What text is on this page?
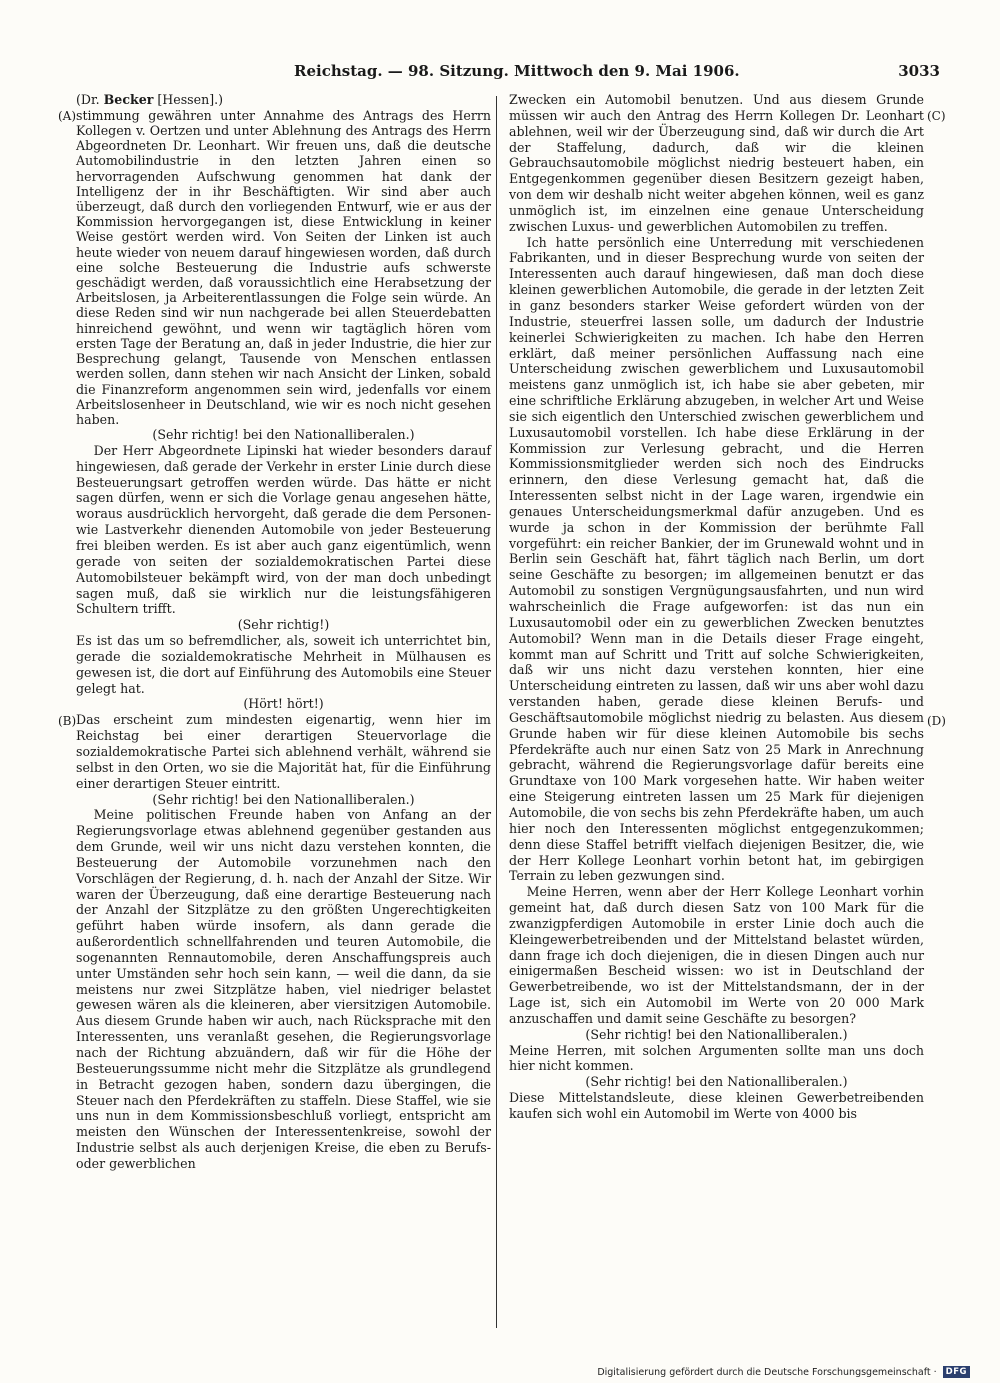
Reichstag. — 98. Sitzung. Mittwoch den 9. Mai 1906.	3033
(A)
(B)
(C)
(D)

(Dr. Becker [Hessen].)

stimmung gewähren unter Annahme des Antrags des Herrn Kollegen v. Oertzen und unter Ablehnung des Antrags des Herrn Abgeordneten Dr. Leonhart. Wir freuen uns, daß die deutsche Automobilindustrie in den letzten Jahren einen so hervorragenden Aufschwung genommen hat dank der Intelligenz der in ihr Beschäftigten. Wir sind aber auch überzeugt, daß durch den vorliegenden Entwurf, wie er aus der Kommission hervorgegangen ist, diese Entwicklung in keiner Weise gestört werden wird. Von Seiten der Linken ist auch heute wieder von neuem darauf hingewiesen worden, daß durch eine solche Besteuerung die Industrie aufs schwerste geschädigt werden, daß voraussichtlich eine Herabsetzung der Arbeitslosen, ja Arbeiterentlassungen die Folge sein würde. An diese Reden sind wir nun nachgerade bei allen Steuerdebatten hinreichend gewöhnt, und wenn wir tagtäglich hören vom ersten Tage der Beratung an, daß in jeder Industrie, die hier zur Besprechung gelangt, Tausende von Menschen entlassen werden sollen, dann stehen wir nach Ansicht der Linken, sobald die Finanzreform angenommen sein wird, jedenfalls vor einem Arbeitslosenheer in Deutschland, wie wir es noch nicht gesehen haben.

(Sehr richtig! bei den Nationalliberalen.)

Der Herr Abgeordnete Lipinski hat wieder besonders darauf hingewiesen, daß gerade der Verkehr in erster Linie durch diese Besteuerungsart getroffen werden würde. Das hätte er nicht sagen dürfen, wenn er sich die Vorlage genau angesehen hätte, woraus ausdrücklich hervorgeht, daß gerade die dem Personen- wie Lastverkehr dienenden Automobile von jeder Besteuerung frei bleiben werden. Es ist aber auch ganz eigentümlich, wenn gerade von seiten der sozialdemokratischen Partei diese Automobilsteuer bekämpft wird, von der man doch unbedingt sagen muß, daß sie wirklich nur die leistungsfähigeren Schultern trifft.

(Sehr richtig!)

Es ist das um so befremdlicher, als, soweit ich unterrichtet bin, gerade die sozialdemokratische Mehrheit in Mülhausen es gewesen ist, die dort auf Einführung des Automobils eine Steuer gelegt hat.

(Hört! hört!)

Das erscheint zum mindesten eigenartig, wenn hier im Reichstag bei einer derartigen Steuervorlage die sozialdemokratische Partei sich ablehnend verhält, während sie selbst in den Orten, wo sie die Majorität hat, für die Einführung einer derartigen Steuer eintritt.

(Sehr richtig! bei den Nationalliberalen.)

Meine politischen Freunde haben von Anfang an der Regierungsvorlage etwas ablehnend gegenüber gestanden aus dem Grunde, weil wir uns nicht dazu verstehen konnten, die Besteuerung der Automobile vorzunehmen nach den Vorschlägen der Regierung, d. h. nach der Anzahl der Sitze. Wir waren der Überzeugung, daß eine derartige Besteuerung nach der Anzahl der Sitzplätze zu den größten Ungerechtigkeiten geführt haben würde insofern, als dann gerade die außerordentlich schnellfahrenden und teuren Automobile, die sogenannten Rennautomobile, deren Anschaffungspreis auch unter Umständen sehr hoch sein kann, — weil die dann, da sie meistens nur zwei Sitzplätze haben, viel niedriger belastet gewesen wären als die kleineren, aber viersitzigen Automobile. Aus diesem Grunde haben wir auch, nach Rücksprache mit den Interessenten, uns veranlaßt gesehen, die Regierungsvorlage nach der Richtung abzuändern, daß wir für die Höhe der Besteuerungssumme nicht mehr die Sitzplätze als grundlegend in Betracht gezogen haben, sondern dazu übergingen, die Steuer nach den Pferdekräften zu staffeln. Diese Staffel, wie sie uns nun in dem Kommissionsbeschluß vorliegt, entspricht am meisten den Wünschen der Interessentenkreise, sowohl der Industrie selbst als auch derjenigen Kreise, die eben zu Berufs- oder gewerblichen

Zwecken ein Automobil benutzen. Und aus diesem Grunde müssen wir auch den Antrag des Herrn Kollegen Dr. Leonhart ablehnen, weil wir der Überzeugung sind, daß wir durch die Art der Staffelung, dadurch, daß wir die kleinen Gebrauchsautomobile möglichst niedrig besteuert haben, ein Entgegenkommen gegenüber diesen Besitzern gezeigt haben, von dem wir deshalb nicht weiter abgehen können, weil es ganz unmöglich ist, im einzelnen eine genaue Unterscheidung zwischen Luxus- und gewerblichen Automobilen zu treffen.

Ich hatte persönlich eine Unterredung mit verschiedenen Fabrikanten, und in dieser Besprechung wurde von seiten der Interessenten auch darauf hingewiesen, daß man doch diese kleinen gewerblichen Automobile, die gerade in der letzten Zeit in ganz besonders starker Weise gefordert würden von der Industrie, steuerfrei lassen solle, um dadurch der Industrie keinerlei Schwierigkeiten zu machen. Ich habe den Herren erklärt, daß meiner persönlichen Auffassung nach eine Unterscheidung zwischen gewerblichem und Luxusautomobil meistens ganz unmöglich ist, ich habe sie aber gebeten, mir eine schriftliche Erklärung abzugeben, in welcher Art und Weise sie sich eigentlich den Unterschied zwischen gewerblichem und Luxusautomobil vorstellen. Ich habe diese Erklärung in der Kommission zur Verlesung gebracht, und die Herren Kommissionsmitglieder werden sich noch des Eindrucks erinnern, den diese Verlesung gemacht hat, daß die Interessenten selbst nicht in der Lage waren, irgendwie ein genaues Unterscheidungsmerkmal dafür anzugeben. Und es wurde ja schon in der Kommission der berühmte Fall vorgeführt: ein reicher Bankier, der im Grunewald wohnt und in Berlin sein Geschäft hat, fährt täglich nach Berlin, um dort seine Geschäfte zu besorgen; im allgemeinen benutzt er das Automobil zu sonstigen Vergnügungsausfahrten, und nun wird wahrscheinlich die Frage aufgeworfen: ist das nun ein Luxusautomobil oder ein zu gewerblichen Zwecken benutztes Automobil? Wenn man in die Details dieser Frage eingeht, kommt man auf Schritt und Tritt auf solche Schwierigkeiten, daß wir uns nicht dazu verstehen konnten, hier eine Unterscheidung eintreten zu lassen, daß wir uns aber wohl dazu verstanden haben, gerade diese kleinen Berufs- und Geschäftsautomobile möglichst niedrig zu belasten. Aus diesem Grunde haben wir für diese kleinen Automobile bis sechs Pferdekräfte auch nur einen Satz von 25 Mark in Anrechnung gebracht, während die Regierungsvorlage dafür bereits eine Grundtaxe von 100 Mark vorgesehen hatte. Wir haben weiter eine Steigerung eintreten lassen um 25 Mark für diejenigen Automobile, die von sechs bis zehn Pferdekräfte haben, um auch hier noch den Interessenten möglichst entgegenzukommen; denn diese Staffel betrifft vielfach diejenigen Besitzer, die, wie der Herr Kollege Leonhart vorhin betont hat, im gebirgigen Terrain zu leben gezwungen sind.

Meine Herren, wenn aber der Herr Kollege Leonhart vorhin gemeint hat, daß durch diesen Satz von 100 Mark für die zwanzigpferdigen Automobile in erster Linie doch auch die Kleingewerbetreibenden und der Mittelstand belastet würden, dann frage ich doch diejenigen, die in diesen Dingen auch nur einigermaßen Bescheid wissen: wo ist in Deutschland der Gewerbetreibende, wo ist der Mittelstandsmann, der in der Lage ist, sich ein Automobil im Werte von 20 000 Mark anzuschaffen und damit seine Geschäfte zu besorgen?

(Sehr richtig! bei den Nationalliberalen.)

Meine Herren, mit solchen Argumenten sollte man uns doch hier nicht kommen.

(Sehr richtig! bei den Nationalliberalen.)

Diese Mittelstandsleute, diese kleinen Gewerbetreibenden kaufen sich wohl ein Automobil im Werte von 4000 bis

Digitalisierung gefördert durch die Deutsche Forschungsgemeinschaft ·	DFG
